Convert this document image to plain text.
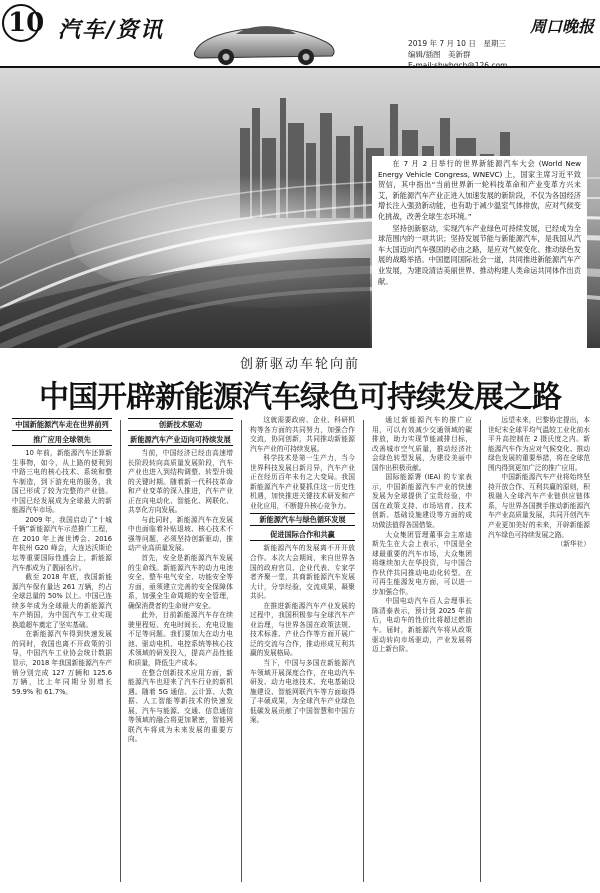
10 汽车/资讯	周口晚报
2019 年 7 月 10 日　星期三
编辑/插图　美新群

在 7 月 2 日举行的世界新能源汽车大会 (World New Energy Vehicle Congress, WNEVC) 上，国家主席习近平致贺信，其中指出“当前世界新一轮科技革命和产业变革方兴未艾，新能源汽车产业正进入加速发展的新阶段，不仅为各国经济增长注入强劲新动能，也有助于减少温室气体排放，应对气候变化挑战，改善全球生态环境。”

坚持创新驱动，实现汽车产业绿色可持续发展，已经成为全球范围内的一项共识；坚持发展节能与新能源汽车，是我国从汽车大国迈向汽车强国的必由之路，是应对气候变化、推动绿色发展的战略举措。中国愿同国际社会一道，共同推进新能源汽车产业发展，为建设清洁美丽世界、推动构建人类命运共同体作出贡献。

创新驱动车轮向前
中国开辟新能源汽车绿色可持续发展之路
中国新能源汽车走在世界前列
推广应用全球领先

10 年前，新能源汽车还算新生事物，如今，从上路的便利到中路三电的核心技术、系统和整车制造，到下游充电的服务，我国已形成了较为完整的产业链。中国已经发展成为全球最大的新能源汽车市场。

2009 年，我国启动了“十城千辆”新能源汽车示范推广工程，在 2010 年上海世博会、2016 年杭州 G20 峰会，大连达沃斯论坛等重要国际性盛会上，新能源汽车都成为了靓丽名片。

截至 2018 年底，我国新能源汽车保有量达 261 万辆，约占全球总量的 50% 以上。中国已连续多年成为全球最大的新能源汽车产销国，为中国汽车工业实现换道超车奠定了坚实基础。

在新能源汽车得到快速发展的同时，我国也离不开政策的引导，中国汽车工业协会统计数据显示，2018 年我国新能源汽车产销分别完成 127 万辆和 125.6 万辆，比上年同期分别增长 59.9% 和 61.7%。

创新技术驱动
新能源汽车产业迈向可持续发展

当前，中国经济已经由高速增长阶段转向高质量发展阶段，汽车产业也进入到结构调整、转型升级的关键时期。随着新一代科技革命和产业变革的深入推进，汽车产业正在向电动化、智能化、网联化、共享化方向发展。

与此同时，新能源汽车在发展中也面临着补贴退坡、核心技术不强等问题，必须坚持创新驱动，推动产业高质量发展。

首先，安全是新能源汽车发展的生命线。新能源汽车的动力电池安全、整车电气安全、功能安全等方面，亟须建立完善的安全保障体系，加强全生命周期的安全管理，确保消费者的生命财产安全。

此外，目前新能源汽车存在续驶里程短、充电时间长、充电设施不足等问题。我们要加大在动力电池、驱动电机、电控系统等核心技术领域的研发投入，提高产品性能和质量，降低生产成本。

在整合创新技术应用方面，新能源汽车也迎来了汽车行业的新机遇。随着 5G 通信、云计算、大数据、人工智能等新技术的快速发展，汽车与能源、交通、信息通信等领域的融合将更加紧密，智能网联汽车将成为未来发展的重要方向。

这就需要政府、企业、科研机构等各方面的共同努力，加强合作交流，协同创新，共同推动新能源汽车产业的可持续发展。

科学技术是第一生产力，当今世界科技发展日新月异，汽车产业正在经历百年未有之大变局。我国新能源汽车产业要抓住这一历史性机遇，加快推进关键技术研发和产业化应用，不断提升核心竞争力。

新能源汽车与绿色循环发展
促进国际合作和共赢

新能源汽车的发展离不开开放合作。本次大会期间，来自世界各国的政府官员、企业代表、专家学者齐聚一堂，共商新能源汽车发展大计，分享经验，交流成果，凝聚共识。

在推进新能源汽车产业发展的过程中，我国积极参与全球汽车产业治理，与世界各国在政策法规、技术标准、产业合作等方面开展广泛的交流与合作，推动形成互利共赢的发展格局。

当下，中国与多国在新能源汽车领域开展深度合作，在电动汽车研发、动力电池技术、充电基础设施建设、智能网联汽车等方面取得了丰硕成果，为全球汽车产业绿色低碳发展贡献了中国智慧和中国方案。

通过新能源汽车的推广应用，可以有效减少交通领域的碳排放，助力实现节能减排目标，改善城市空气质量，推动经济社会绿色转型发展，为建设美丽中国作出积极贡献。

国际能源署 (IEA) 的专家表示，中国新能源汽车产业的快速发展为全球提供了宝贵经验，中国在政策支持、市场培育、技术创新、基础设施建设等方面的成功做法值得各国借鉴。

大众集团管理董事会主席迪斯先生在大会上表示，中国是全球最重要的汽车市场，大众集团将继续加大在华投资，与中国合作伙伴共同推动电动化转型。在可再生能源发电方面，可以进一步加强合作。

中国电动汽车百人会理事长陈清泰表示，预计到 2025 年前后，电动车的性价比将超过燃油车。届时，新能源汽车将从政策驱动转向市场驱动，产业发展将迈上新台阶。

远望未来，巴黎协定提出，本世纪末全球平均气温较工业化前水平升高控制在 2 摄氏度之内。新能源汽车作为应对气候变化、推动绿色发展的重要举措，将在全球范围内得到更加广泛的推广应用。

中国新能源汽车产业将始终坚持开放合作、互利共赢的原则，积极融入全球汽车产业链供应链体系，与世界各国携手推动新能源汽车产业高质量发展，共同开创汽车产业更加美好的未来，开辟新能源汽车绿色可持续发展之路。

（新华社）
